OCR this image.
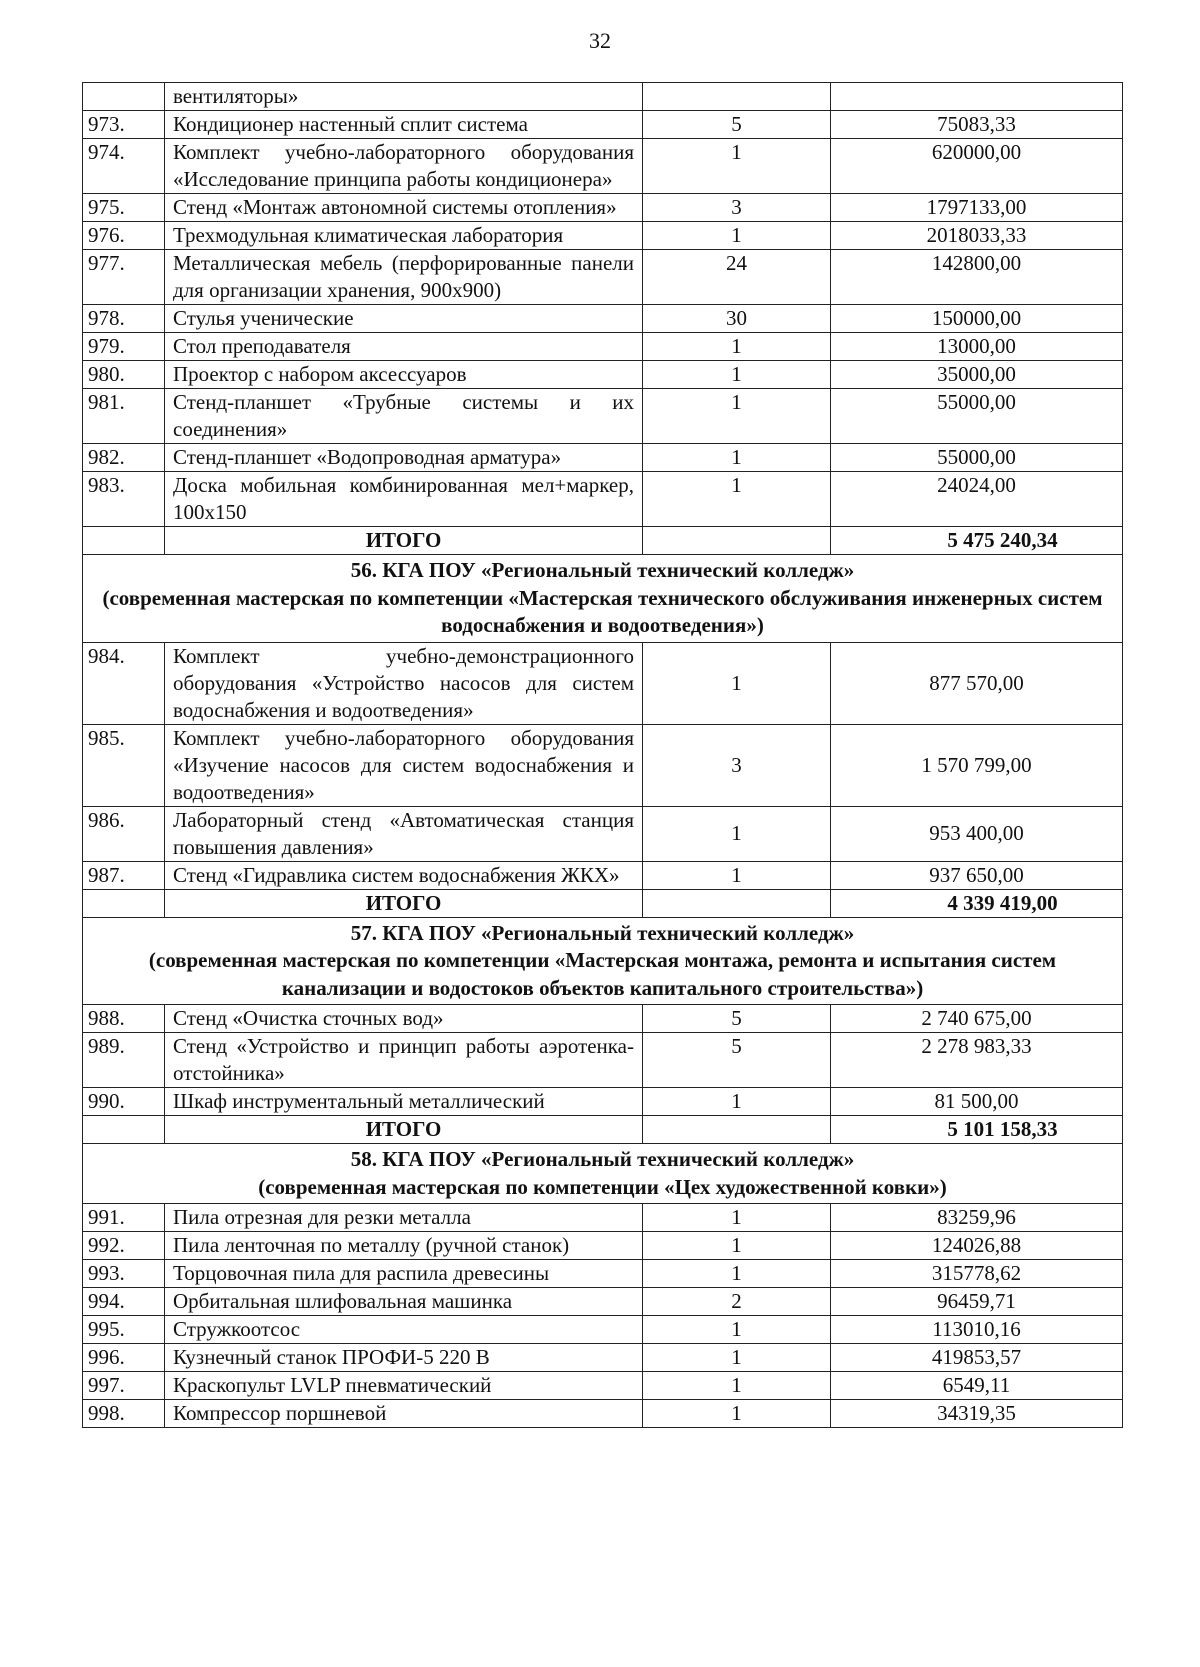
32
	вентиляторы»		
973.	Кондиционер настенный сплит система	5	75083,33
974.	Комплект учебно-лабораторного оборудования «Исследование принципа работы кондиционера»	1	620000,00
975.	Стенд «Монтаж автономной системы отопления»	3	1797133,00
976.	Трехмодульная климатическая лаборатория	1	2018033,33
977.	Металлическая мебель (перфорированные панели для организации хранения, 900х900)	24	142800,00
978.	Стулья ученические	30	150000,00
979.	Стол преподавателя	1	13000,00
980.	Проектор с набором аксессуаров	1	35000,00
981.	Стенд-планшет «Трубные системы и их соединения»	1	55000,00
982.	Стенд-планшет «Водопроводная арматура»	1	55000,00
983.	Доска мобильная комбинированная мел+маркер, 100х150	1	24024,00
	ИТОГО		5 475 240,34

56. КГА ПОУ «Региональный технический колледж»
(современная мастерская по компетенции «Мастерская технического обслуживания инженерных систем водоснабжения и водоотведения»)			

984.	Комплект учебно-демонстрационного оборудования «Устройство насосов для систем водоснабжения и водоотведения»	1	877 570,00
985.	Комплект учебно-лабораторного оборудования «Изучение насосов для систем водоснабжения и водоотведения»	3	1 570 799,00
986.	Лабораторный стенд «Автоматическая станция повышения давления»	1	953 400,00
987.	Стенд «Гидравлика систем водоснабжения ЖКХ»	1	937 650,00
	ИТОГО		4 339 419,00

57. КГА ПОУ «Региональный технический колледж»
(современная мастерская по компетенции «Мастерская монтажа, ремонта и испытания систем канализации и водостоков объектов капитального строительства»)			

988.	Стенд «Очистка сточных вод»	5	2 740 675,00
989.	Стенд «Устройство и принцип работы аэротенка-отстойника»	5	2 278 983,33
990.	Шкаф инструментальный металлический	1	81 500,00
	ИТОГО		5 101 158,33

58. КГА ПОУ «Региональный технический колледж»
(современная мастерская по компетенции «Цех художественной ковки»)			

991.	Пила отрезная для резки металла	1	83259,96
992.	Пила ленточная по металлу (ручной станок)	1	124026,88
993.	Торцовочная пила для распила древесины	1	315778,62
994.	Орбитальная шлифовальная машинка	2	96459,71
995.	Стружкоотсос	1	113010,16
996.	Кузнечный станок ПРОФИ-5 220 В	1	419853,57
997.	Краскопульт LVLP пневматический	1	6549,11
998.	Компрессор поршневой	1	34319,35
